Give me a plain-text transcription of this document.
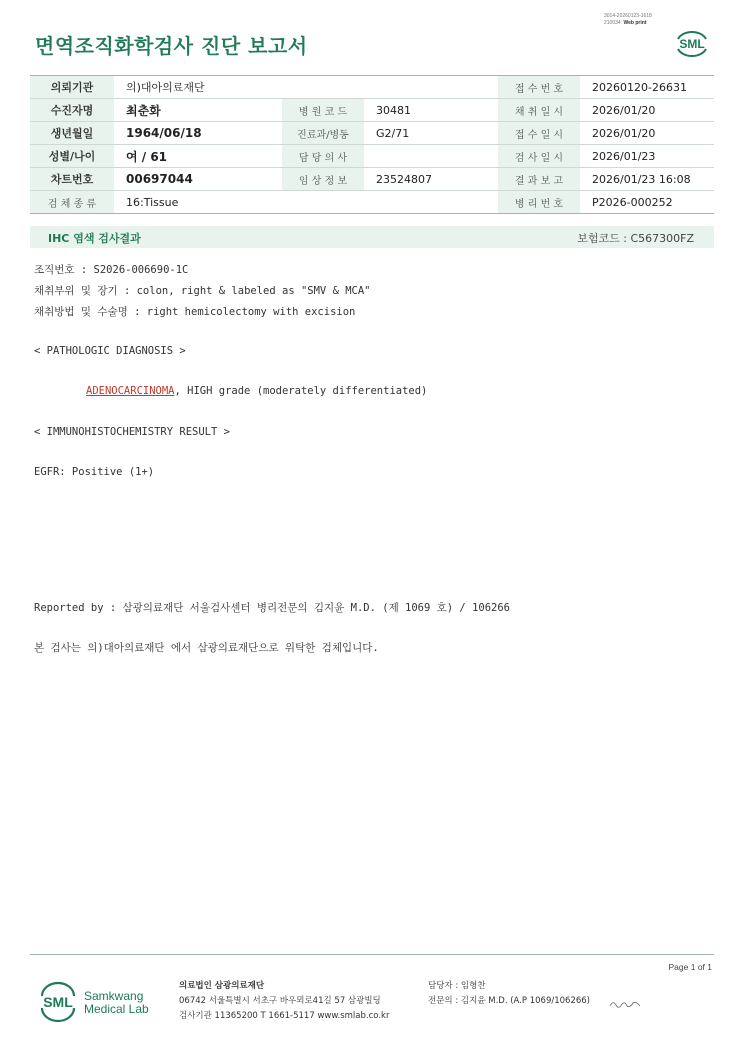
3014-20260123-1618
210034 Web print
면역조직화학검사 진단 보고서	SML
의뢰기관	의)대아의료재단			접 수 번 호	20260120-26631
수진자명	최춘화	병 원 코 드	30481	채 취 일 시	2026/01/20
생년월일	1964/06/18	진료과/병동	G2/71	접 수 일 시	2026/01/20
성별/나이	여 / 61	담 당 의 사		검 사 일 시	2026/01/23
차트번호	00697044	임 상 정 보	23524807	결 과 보 고	2026/01/23 16:08
검 체 종 류	16:Tissue			병 리 번 호	P2026-000252
IHC 염색 검사결과	보험코드 : C567300FZ
조직번호 : S2026-006690-1C
채취부위 및 장기 : colon, right & labeled as "SMV & MCA"
채취방법 및 수술명 : right hemicolectomy with excision
< PATHOLOGIC DIAGNOSIS >
ADENOCARCINOMA, HIGH grade (moderately differentiated)
< IMMUNOHISTOCHEMISTRY RESULT >
EGFR: Positive (1+)
Reported by : 삼광의료재단 서울검사센터 병리전문의 김지윤 M.D. (제 1069 호) / 106266
본 검사는 의)대아의료재단 에서 삼광의료재단으로 위탁한 검체입니다.
Page 1 of 1
SML Samkwang
Medical Lab
의료법인 삼광의료재단
06742 서울특별시 서초구 바우뫼로41길 57 삼광빌딩
검사기관 11365200 T 1661-5117 www.smlab.co.kr
담당자 : 임형찬
전문의 : 김지윤 M.D. (A.P 1069/106266)
